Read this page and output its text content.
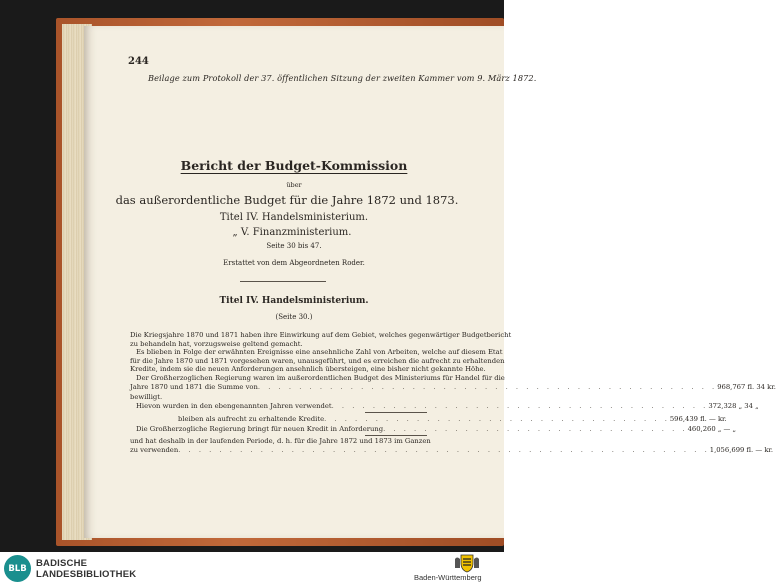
244
Beilage zum Protokoll der 37. öffentlichen Sitzung der zweiten Kammer vom 9. März 1872.
Bericht der Budget-Kommission
über
das außerordentliche Budget für die Jahre 1872 und 1873.
Titel IV. Handelsministerium.
„ V. Finanzministerium.
Seite 30 bis 47.
Erstattet von dem Abgeordneten Roder.
Titel IV. Handelsministerium.
(Seite 30.)
Die Kriegsjahre 1870 und 1871 haben ihre Einwirkung auf dem Gebiet, welches gegenwärtiger Budgetbericht
zu behandeln hat, vorzugsweise geltend gemacht.
Es blieben in Folge der erwähnten Ereignisse eine ansehnliche Zahl von Arbeiten, welche auf diesem Etat
für die Jahre 1870 und 1871 vorgesehen waren, unausgeführt, und es erreichen die aufrecht zu erhaltenden
Kredite, indem sie die neuen Anforderungen ansehnlich übersteigen, eine bisher nicht gekannte Höhe.
Der Großherzoglichen Regierung waren im außerordentlichen Budget des Ministeriums für Handel für die
Jahre 1870 und 1871 die Summe von . . . . . . . . . . . . . . . . . . . . . . . . . . . . . . . . . . . . . . . . . . . . . 968,767 fl. 34 kr.
bewilligt.
Hievon wurden in den ebengenannten Jahren verwendet . . . . . . . . . . . . . . . . . . . . . . . . . . . . . . . . . . . . . 372,328 „ 34 „
bleiben als aufrecht zu erhaltende Kredite . . . . . . . . . . . . . . . . . . . . . . . . . . . . . . . . . . 596,439 fl. — kr.
Die Großherzogliche Regierung bringt für neuen Kredit in Anforderung . . . . . . . . . . . . . . . . . . . . . . . . . . . . . . 460,260 „ — „
und hat deshalb in der laufenden Periode, d. h. für die Jahre 1872 und 1873 im Ganzen
zu verwenden . . . . . . . . . . . . . . . . . . . . . . . . . . . . . . . . . . . . . . . . . . . . . . . . . . . . 1,056,699 fl. — kr.
BLB BADISCHE
LANDESBIBLIOTHEK	Baden-Württemberg
